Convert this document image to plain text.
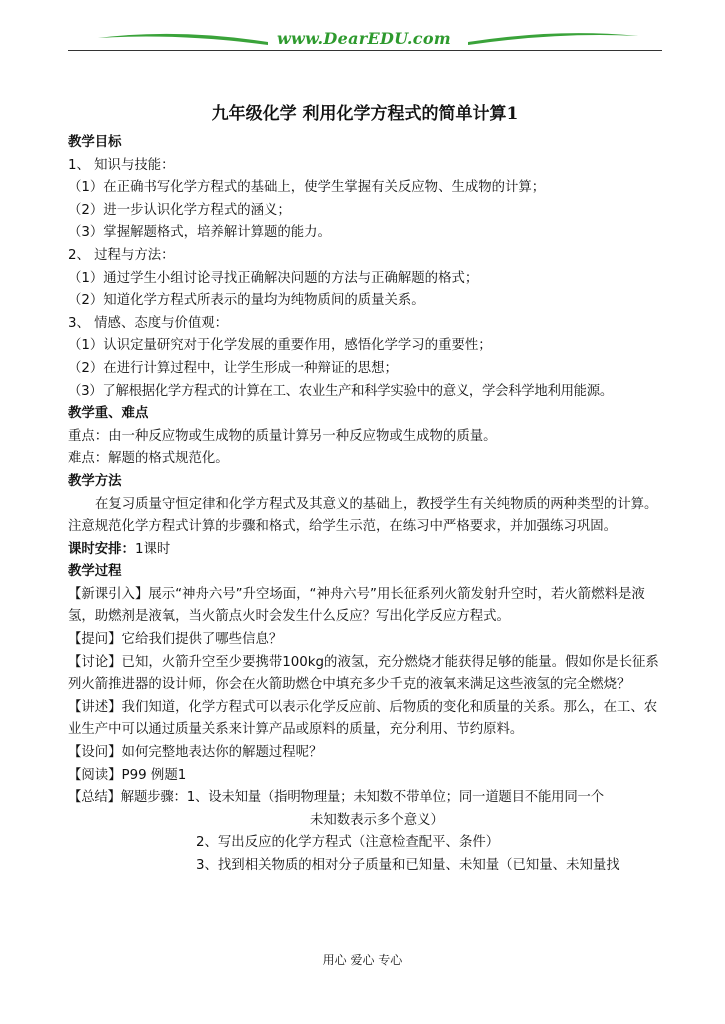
www.DearEDU.com
九年级化学 利用化学方程式的简单计算1
教学目标
1、 知识与技能：
（1）在正确书写化学方程式的基础上，使学生掌握有关反应物、生成物的计算；
（2）进一步认识化学方程式的涵义；
（3）掌握解题格式，培养解计算题的能力。
2、 过程与方法：
（1）通过学生小组讨论寻找正确解决问题的方法与正确解题的格式；
（2）知道化学方程式所表示的量均为纯物质间的质量关系。
3、 情感、态度与价值观：
（1）认识定量研究对于化学发展的重要作用，感悟化学学习的重要性；
（2）在进行计算过程中，让学生形成一种辩证的思想；
（3）了解根据化学方程式的计算在工、农业生产和科学实验中的意义，学会科学地利用能源。
教学重、难点
重点：由一种反应物或生成物的质量计算另一种反应物或生成物的质量。
难点：解题的格式规范化。
教学方法
在复习质量守恒定律和化学方程式及其意义的基础上，教授学生有关纯物质的两种类型的计算。注意规范化学方程式计算的步骤和格式，给学生示范，在练习中严格要求，并加强练习巩固。
课时安排：1课时
教学过程
【新课引入】展示“神舟六号”升空场面，“神舟六号”用长征系列火箭发射升空时，若火箭燃料是液氢，助燃剂是液氧，当火箭点火时会发生什么反应？写出化学反应方程式。
【提问】它给我们提供了哪些信息？
【讨论】已知，火箭升空至少要携带100kg的液氢，充分燃烧才能获得足够的能量。假如你是长征系列火箭推进器的设计师，你会在火箭助燃仓中填充多少千克的液氧来满足这些液氢的完全燃烧？
【讲述】我们知道，化学方程式可以表示化学反应前、后物质的变化和质量的关系。那么，在工、农业生产中可以通过质量关系来计算产品或原料的质量，充分利用、节约原料。
【设问】如何完整地表达你的解题过程呢？
【阅读】P99 例题1
【总结】解题步骤：1、设未知量（指明物理量；未知数不带单位；同一道题目不能用同一个
未知数表示多个意义）
2、写出反应的化学方程式（注意检查配平、条件）
3、找到相关物质的相对分子质量和已知量、未知量（已知量、未知量找
用心 爱心 专心
